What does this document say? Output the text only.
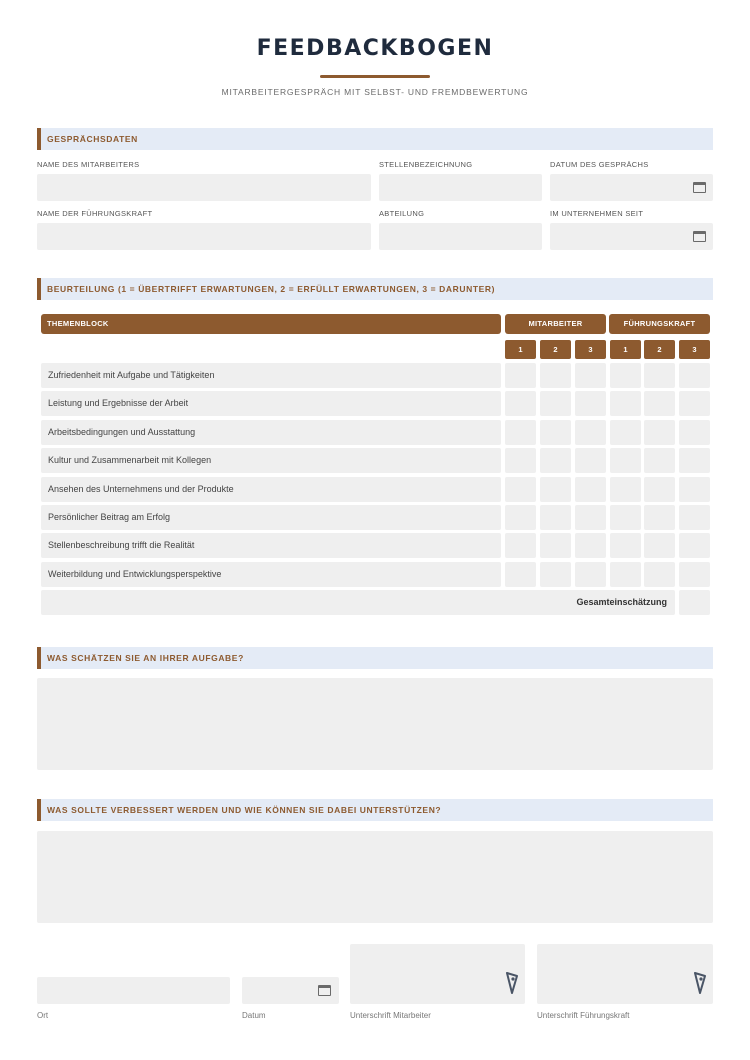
FEEDBACKBOGEN
MITARBEITERGESPRÄCH MIT SELBST- UND FREMDBEWERTUNG
GESPRÄCHSDATEN
NAME DES MITARBEITERS	STELLENBEZEICHNUNG	DATUM DES GESPRÄCHS
NAME DER FÜHRUNGSKRAFT	ABTEILUNG	IM UNTERNEHMEN SEIT
BEURTEILUNG (1 = ÜBERTRIFFT ERWARTUNGEN, 2 = ERFÜLLT ERWARTUNGEN, 3 = DARUNTER)
THEMENBLOCK	MITARBEITER	FÜHRUNGSKRAFT
1	2	3	1	2	3
Zufriedenheit mit Aufgabe und Tätigkeiten
Leistung und Ergebnisse der Arbeit
Arbeitsbedingungen und Ausstattung
Kultur und Zusammenarbeit mit Kollegen
Ansehen des Unternehmens und der Produkte
Persönlicher Beitrag am Erfolg
Stellenbeschreibung trifft die Realität
Weiterbildung und Entwicklungsperspektive
Gesamteinschätzung
WAS SCHÄTZEN SIE AN IHRER AUFGABE?
WAS SOLLTE VERBESSERT WERDEN UND WIE KÖNNEN SIE DABEI UNTERSTÜTZEN?
Ort	Datum	Unterschrift Mitarbeiter	Unterschrift Führungskraft
